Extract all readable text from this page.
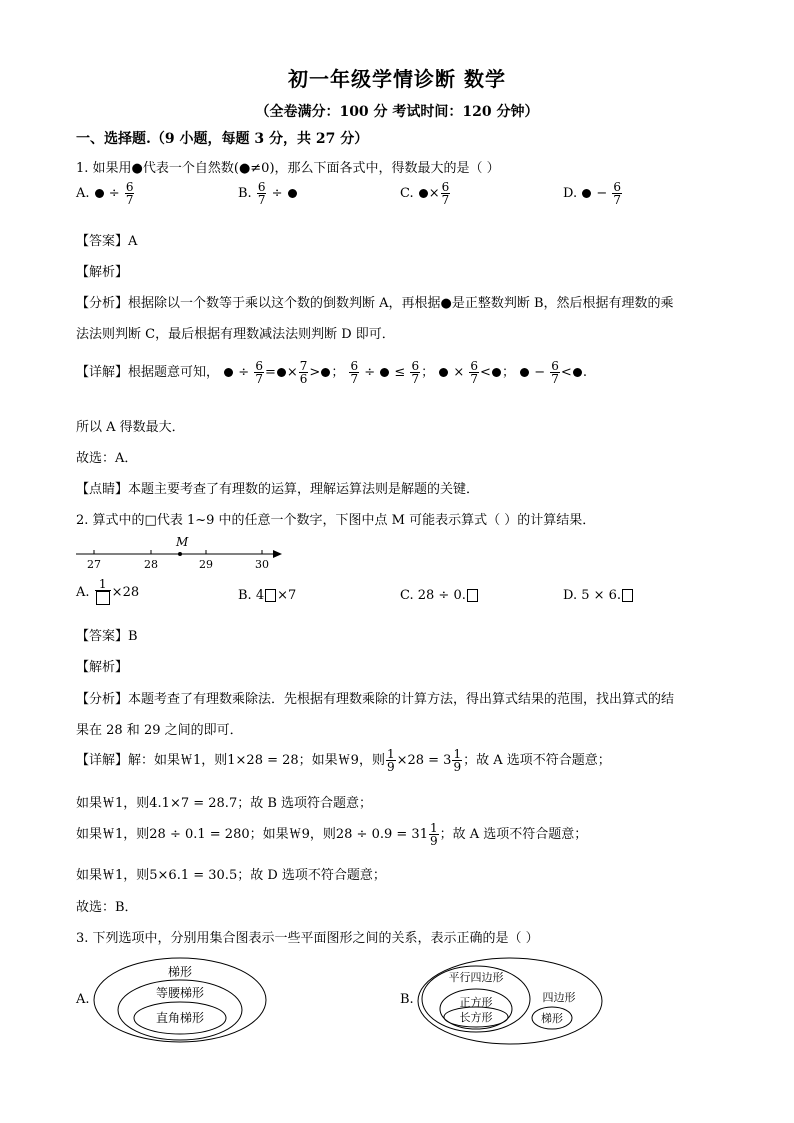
初一年级学情诊断 数学
（全卷满分：100 分 考试时间：120 分钟）
一、选择题.（9 小题，每题 3 分，共 27 分）
1. 如果用●代表一个自然数(●≠0)，那么下面各式中，得数最大的是（ ）
A.  ÷ $\frac{6}{7}$	B. $\frac{6}{7}$ ÷	C. × $\frac{6}{7}$	D.  − $\frac{6}{7}$
【答案】A
【解析】
【分析】根据除以一个数等于乘以这个数的倒数判断 A，再根据●是正整数判断 B，然后根据有理数的乘
法法则判断 C，最后根据有理数减法法则判断 D 即可．
【详解】根据题意可知，  ÷ $\frac{6}{7}$ = × $\frac{7}{6}$ > ； $\frac{6}{7}$ ÷  ≤ $\frac{6}{7}$ ；  × $\frac{6}{7}$ < ；  − $\frac{6}{7}$ < .
所以 A 得数最大．
故选：A．
【点睛】本题主要考查了有理数的运算，理解运算法则是解题的关键．
2. 算式中的□代表 1~9 中的任意一个数字，下图中点 M 可能表示算式（ ）的计算结果．
M
27	28	29	30
A.
1
×28	B. 4 ×7	C. 28 ÷ 0.	D. 5 × 6.
【答案】B
【解析】
【分析】本题考查了有理数乘除法．先根据有理数乘除的计算方法，得出算式结果的范围，找出算式的结
果在 28 和 29 之间的即可．
【详解】解：如果￦1，则1×28 = 28；如果￦9，则 $\frac{1}{9} \times 28 = 3 \frac{1}{9}$ ；故 A 选项不符合题意；
如果￦1，则4.1×7 = 28.7；故 B 选项符合题意；
如果￦1，则28 ÷ 0.1 = 280；如果￦9，则$28 \div 0.9 = 31 \frac{1}{9}$ ；故 A 选项不符合题意；
如果￦1，则5×6.1 = 30.5；故 D 选项不符合题意；
故选：B．
3. 下列选项中，分别用集合图表示一些平面图形之间的关系，表示正确的是（ ）
A.
梯形
等腰梯形
直角梯形
B.
平行四边形
正方形
长方形
四边形
梯形
